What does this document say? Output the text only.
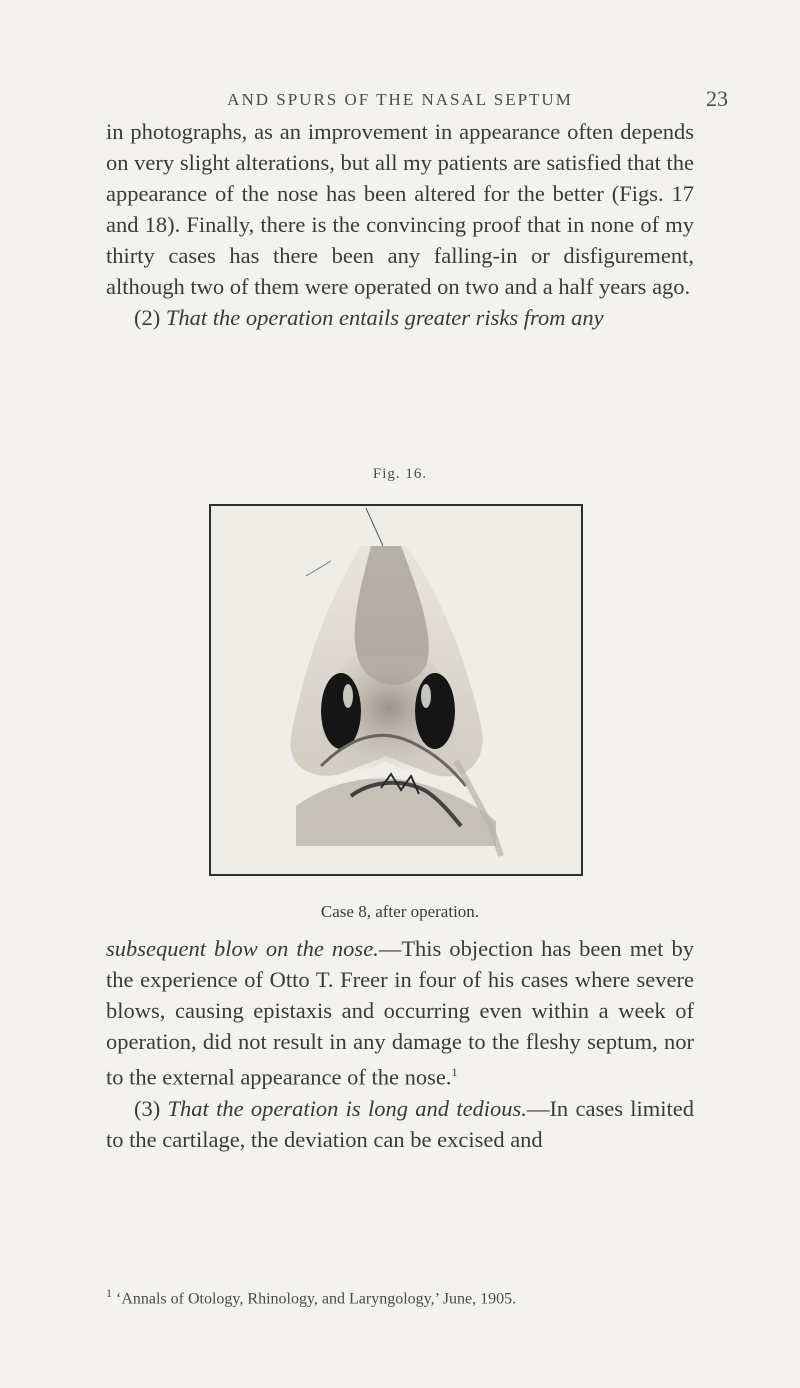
AND SPURS OF THE NASAL SEPTUM	23

in photographs, as an improvement in appearance often depends on very slight alterations, but all my patients are satisfied that the appearance of the nose has been altered for the better (Figs. 17 and 18). Finally, there is the convincing proof that in none of my thirty cases has there been any falling-in or disfigurement, although two of them were operated on two and a half years ago.

(2) That the operation entails greater risks from any

Fig. 16.
Case 8, after operation.

subsequent blow on the nose.—This objection has been met by the experience of Otto T. Freer in four of his cases where severe blows, causing epistaxis and occurring even within a week of operation, did not result in any damage to the fleshy septum, nor to the external appearance of the nose.$^1$

(3) That the operation is long and tedious.—In cases limited to the cartilage, the deviation can be excised and

$^1$ ‘Annals of Otology, Rhinology, and Laryngology,’ June, 1905.
